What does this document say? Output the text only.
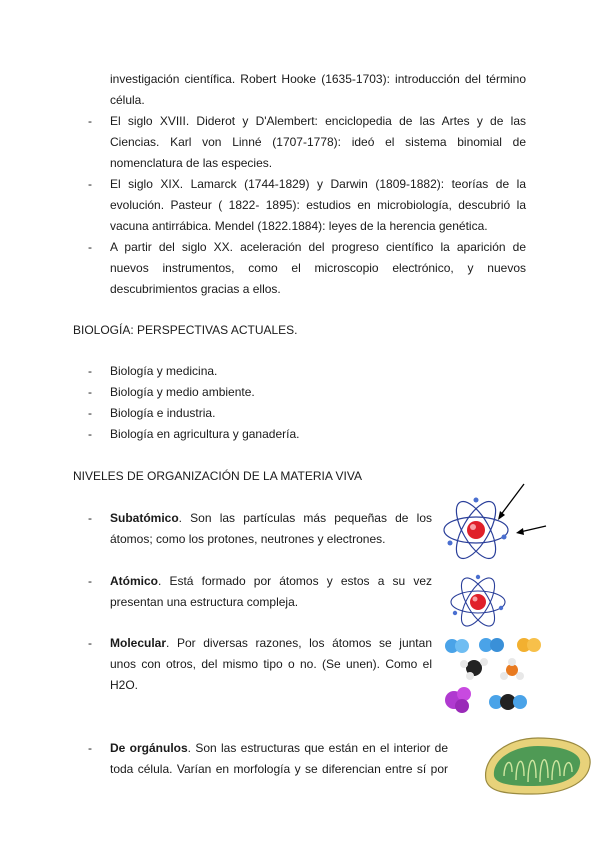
investigación científica. Robert Hooke (1635-1703): introducción del término
célula.
- El siglo XVIII. Diderot y D'Alembert: enciclopedia de las Artes y de las
Ciencias. Karl von Linné (1707-1778): ideó el sistema binomial de
nomenclatura de las especies.
- El siglo XIX. Lamarck (1744-1829) y Darwin (1809-1882): teorías de la
evolución. Pasteur ( 1822- 1895): estudios en microbiología, descubrió la
vacuna antirrábica. Mendel (1822.1884): leyes de la herencia genética.
- A partir del siglo XX. aceleración del progreso científico la aparición de
nuevos instrumentos, como el microscopio electrónico, y nuevos
descubrimientos gracias a ellos.
BIOLOGÍA: PERSPECTIVAS ACTUALES.
- Biología y medicina.
- Biología y medio ambiente.
- Biología e industria.
- Biología en agricultura y ganadería.
NIVELES DE ORGANIZACIÓN DE LA MATERIA VIVA
- Subatómico. Son las partículas más pequeñas de los
átomos; como los protones, neutrones y electrones.
- Atómico. Está formado por átomos y estos a su vez
presentan una estructura compleja.
- Molecular. Por diversas razones, los átomos se juntan
unos con otros, del mismo tipo o no. (Se unen). Como el
H2O.
- De orgánulos. Son las estructuras que están en el interior de
toda célula. Varían en morfología y se diferencian entre sí por
